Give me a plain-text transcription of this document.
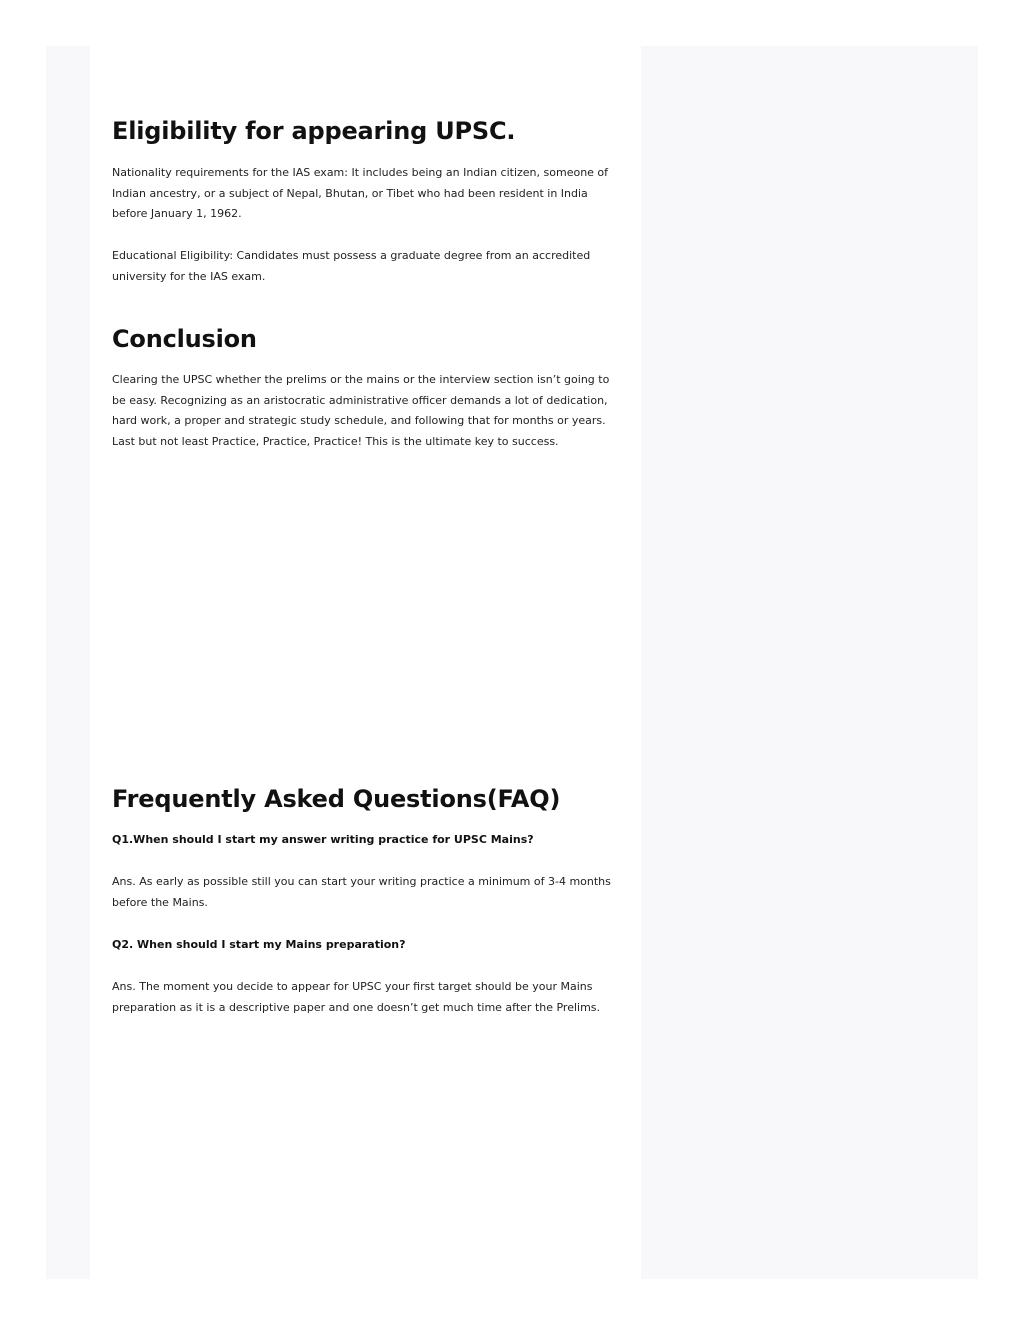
Eligibility for appearing UPSC.

Nationality requirements for the IAS exam: It includes being an Indian citizen, someone of Indian ancestry, or a subject of Nepal, Bhutan, or Tibet who had been resident in India before January 1, 1962.

Educational Eligibility: Candidates must possess a graduate degree from an accredited university for the IAS exam.

Conclusion

Clearing the UPSC whether the prelims or the mains or the interview section isn’t going to be easy. Recognizing as an aristocratic administrative officer demands a lot of dedication, hard work, a proper and strategic study schedule, and following that for months or years. Last but not least Practice, Practice, Practice! This is the ultimate key to success.

Frequently Asked Questions(FAQ)

Q1.When should I start my answer writing practice for UPSC Mains?

Ans. As early as possible still you can start your writing practice a minimum of 3-4 months before the Mains.

Q2. When should I start my Mains preparation?

Ans. The moment you decide to appear for UPSC your first target should be your Mains preparation as it is a descriptive paper and one doesn’t get much time after the Prelims.
